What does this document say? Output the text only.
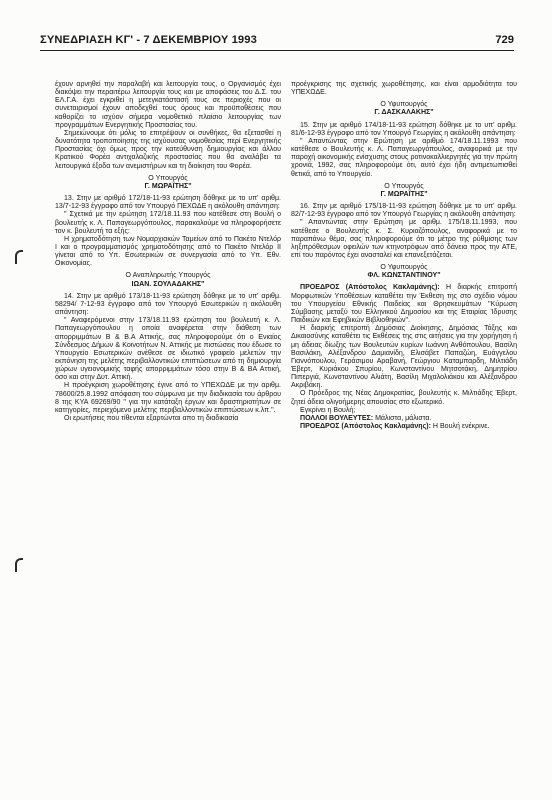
ΣΥΝΕΔΡΙΑΣΗ ΚΓ' - 7 ΔΕΚΕΜΒΡΙΟΥ 1993	729

έχουν αρνηθεί την παραλαβή και λειτουργία τους, ο Οργανισμός έχει διακόψει την περαιτέρω λειτουργία τους και με αποφάσεις του Δ.Σ. του ΕΛ.Γ.Α. έχει εγκριθεί η μετεγκατάστασή τους σε περιοχές που οι συνεταιρισμοί έχουν αποδεχθεί τους όρους και προϋποθέσεις που καθορίζει το ισχύον σήμερα νομοθετικό πλαίσιο λειτουργίας των προγραμμάτων Ενεργητικής Προστασίας του.

Σημειώνουμε ότι μόλις το επιτρέψουν οι συνθήκες, θα εξετασθεί η δυνατότητα τροποποίησης της ισχύουσας νομοθεσίας περί Ενεργητικής Προστασίας όχι όμως προς την κατεύθυνση δημιουργίας και άλλου Κρατικού Φορέα αντιχαλαζικής προστασίας που θα αναλάβει τα λειτουργικά έξοδα των ανεμιστήρων και τη διοίκηση του Φορέα.

Ο Υπουργός
Γ. ΜΩΡΑΪΤΗΣ"

13. Στην με αριθμό 172/18-11-93 ερώτηση δόθηκε με το υπ' αριθμ. 13/7-12-93 έγγραφο από τον Υπουργό ΠΕΧΩΔΕ η ακόλουθη απάντηση:

" Σχετικά με την ερώτηση 172/18.11.93 που κατέθεσε στη Βουλή ο βουλευτής κ. Λ. Παπαγεωργόπουλος, παρακαλούμε να πληροφορήσετε τον κ. βουλευτή τα εξής:

Η χρηματοδότηση των Νομαρχιακών Ταμείων από το Πακέτο Ντελόρ Ι και ο προγραμματισμός χρηματοδότησης από το Πακέτο Ντελόρ ΙΙ γίνεται από το Υπ. Εσωτερικών σε συνεργασία από το Υπ. Εθν. Οικονομίας.

Ο Αναπληρωτής Υπουργός
ΙΩΑΝ. ΣΟΥΛΑΔΑΚΗΣ"

14. Στην με αριθμό 173/18-11-93 ερώτηση δόθηκε με το υπ' αριθμ. 58294/ 7-12-93 έγγραφο από τον Υπουργό Εσωτερικών η ακόλουθη απάντηση:

" Αναφερόμενοι στην 173/18.11.93 ερώτηση του βουλευτή κ. Λ. Παπαγεωργόπουλου η οποία αναφέρεται στην διάθεση των απορριμμάτων Β & Β.Α Αττικής, σας πληροφορούμε ότι ο Ενιαίος Σύνδεσμος Δήμων & Κοινοτήτων Ν. Αττικής με πιστώσεις που έδωσε το Υπουργείο Εσωτερικών ανέθεσε σε ιδιωτικό γραφείο μελετών την εκπόνηση της μελέτης περιβαλλοντικών επιπτώσεων από τη δημιουργία χώρων υγειονομικής ταφής απορριμμάτων τόσο στην Β & ΒΑ Αττική, όσο και στην Δυτ. Αττική.

Η προέγκριση χωροθέτησης έγινε από το ΥΠΕΧΩΔΕ με την αριθμ. 78600/25.8.1992 απόφαση του σύμφωνα με την διαδικασία του άρθρου 8 της ΚΥΑ 69269/90 " για την κατάταξη έργων και δραστηριοτήτων σε κατηγορίες, περιεχόμενο μελέτης περιβαλλοντικών επιπτώσεων κ.λπ.".

Οι ερωτήσεις που τίθενται εξαρτώνται απο τη διαδικασία

προέγκρισης της σχετικής χωροθέτησης, και είναι αρμοδιότητα του ΥΠΕΧΩΔΕ.

Ο Υφυπουργός
Γ. ΔΑΣΚΑΛΑΚΗΣ"

15. Στην με αριθμό 174/18-11-93 ερώτηση δόθηκε με το υπ' αριθμ. 81/6-12-93 έγγραφο από τον Υπουργό Γεωργίας η ακόλουθη απάντηση:

" Απαντώντας στην Ερώτηση με αριθμό 174/18.11.1993 που κατέθεσε ο Βουλευτής κ. Λ. Παπαγεωργόπουλος, αναφορικά με την παροχή οικονομικής ενίσχυσης στους ροτινοκαλλιεργητές για την πρώτη χρονιά, 1992, σας πληροφορούμε ότι, αυτό έχει ήδη αντιμετωπισθεί θετικά, από το Υπουργείο.

Ο Υπουργός
Γ. ΜΩΡΑΪΤΗΣ"

16. Στην με αριθμό 175/18-11-93 ερώτηση δόθηκε με το υπ' αριθμ. 82/7-12-93 έγγραφο από τον Υπουργό Γεωργίας η ακόλουθη απάντηση:

" Απαντώντας στην Ερώτηση με αριθμ. 175/18.11.1993, που κατέθεσε ο Βουλευτής κ. Σ. Κυριαζόπουλος, αναφορικά με το παραπάνω θέμα, σας πληροφορούμε ότι το μέτρο της ρύθμισης των ληξιπρόθεσμων οφειλών των κτηνοτρόφων από δάνεια προς την ΑΤΕ, επί του παρόντος έχει ανασταλεί και επανεξετάζεται.

Ο Υφυπουργός
ΦΛ. ΚΩΝΣΤΑΝΤΙΝΟΥ"

ΠΡΟΕΔΡΟΣ (Απόστολος Κακλαμάνης): Η διαρκής επιτροπή Μορφωτικών Υποθέσεων καταθέτει την Έκθεση της στο σχέδιο νόμου του Υπουργείου Εθνικής Παιδείας και Θρησκευμάτων "Κύρωση Σύμβασης μεταξύ του Ελληνικού Δημοσίου και της Εταιρίας Ίδρυσης Παιδικών και Εφηβικών Βιβλιοθηκών".

Η διαρκής επιτροπή Δημόσιας Διοίκησης, Δημόσιας Τάξης και Δικαιοσύνης καταθέτει τις Εκθέσεις της στις αιτήσεις για την χορήγηση ή μη άδειας δίωξης των Βουλευτών κυρίων Ιωάννη Ανθόπουλου, Βασίλη Βασιλάκη, Αλέξανδρου Δαμιανίδη, Ελισάβετ Παπαζώη, Ευάγγελου Γιαννόπουλου, Γεράσιμου Αραβανή, Γεώργιου Καταμπαρδη, Μιλτιάδη Έβερτ, Κυριάκου Σπυρίου, Κωνσταντίνου Μητσοτάκη, Δημητρίου Πιπεργιά, Κωνσταντίνου Αλιάτη, Βασίλη Μιχαλολιάκου και Αλέξανδρου Ακριβάκη.

Ο Πρόεδρος της Νέας Δημοκρατίας, βουλευτής κ. Μιλτιάδης Έβερτ, ζητεί άδεια ολιγοήμερης απουσίας στο εξωτερικό.

Εγκρίνει η Βουλή;

ΠΟΛΛΟΙ ΒΟΥΛΕΥΤΕΣ: Μάλιστα, μάλιστα.

ΠΡΟΕΔΡΟΣ (Απόστολος Κακλαμάνης): Η Βουλή ενέκρινε.
